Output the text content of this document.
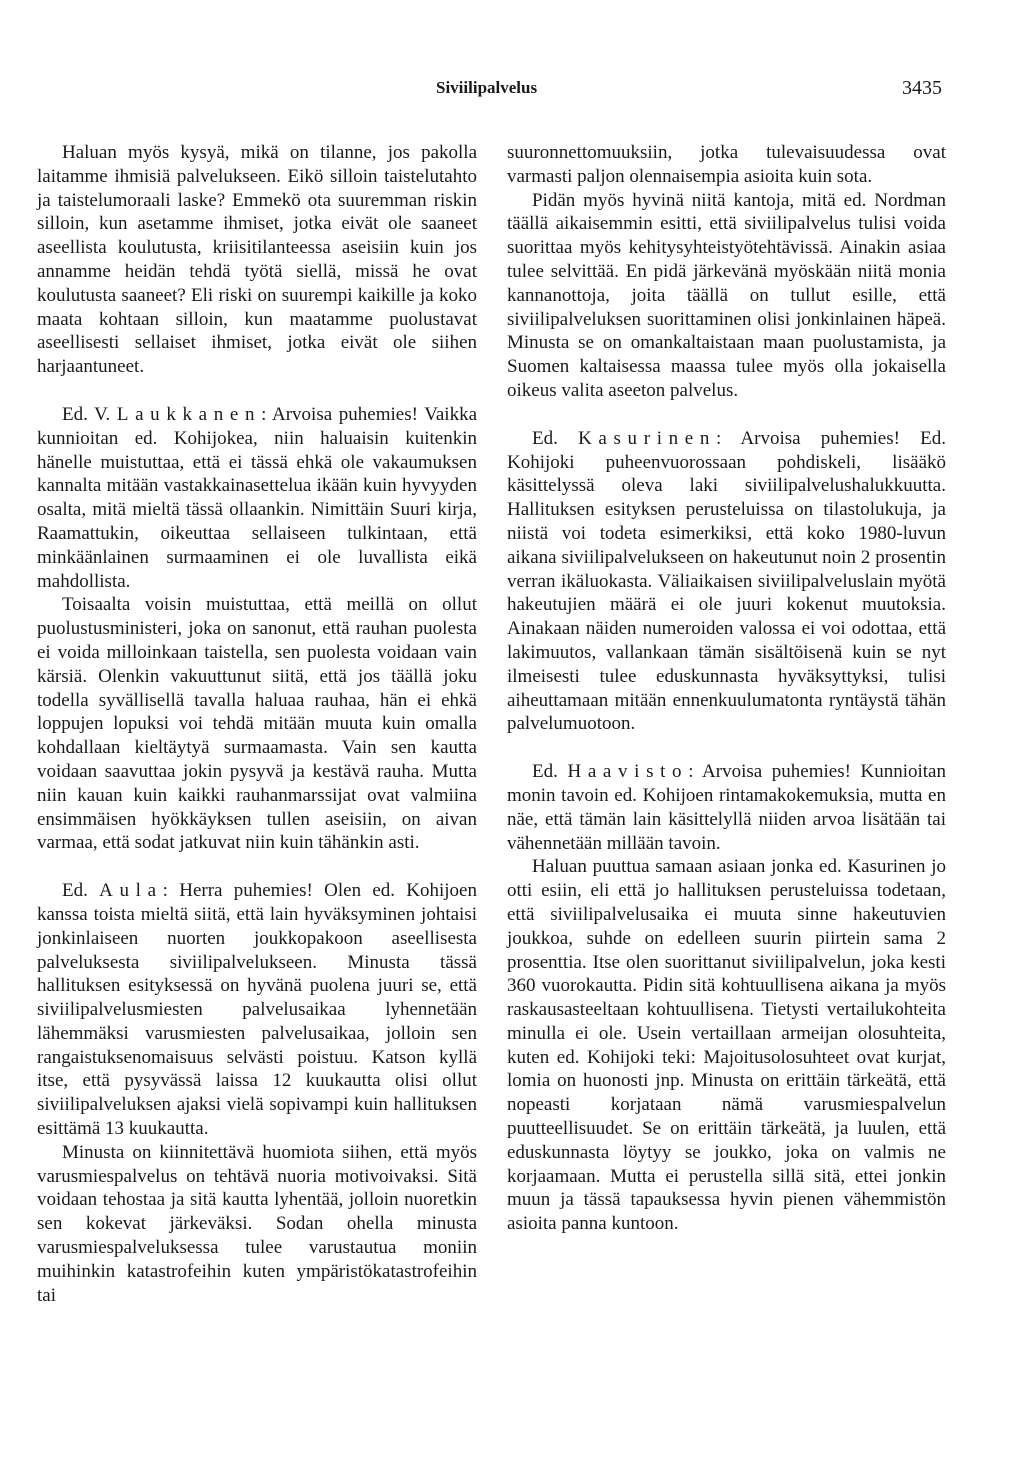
Siviilipalvelus	3435

Haluan myös kysyä, mikä on tilanne, jos pakolla laitamme ihmisiä palvelukseen. Eikö silloin taistelutahto ja taistelumoraali laske? Emmekö ota suuremman riskin silloin, kun asetamme ihmiset, jotka eivät ole saaneet aseellista koulutusta, kriisitilanteessa aseisiin kuin jos annamme heidän tehdä työtä siellä, missä he ovat koulutusta saaneet? Eli riski on suurempi kaikille ja koko maata kohtaan silloin, kun maatamme puolustavat aseellisesti sellaiset ihmiset, jotka eivät ole siihen harjaantuneet.

Ed. V. Laukkanen: Arvoisa puhemies! Vaikka kunnioitan ed. Kohijokea, niin haluaisin kuitenkin hänelle muistuttaa, että ei tässä ehkä ole vakaumuksen kannalta mitään vastakkainasettelua ikään kuin hyvyyden osalta, mitä mieltä tässä ollaankin. Nimittäin Suuri kirja, Raamattukin, oikeuttaa sellaiseen tulkintaan, että minkäänlainen surmaaminen ei ole luvallista eikä mahdollista.

Toisaalta voisin muistuttaa, että meillä on ollut puolustusministeri, joka on sanonut, että rauhan puolesta ei voida milloinkaan taistella, sen puolesta voidaan vain kärsiä. Olenkin vakuuttunut siitä, että jos täällä joku todella syvällisellä tavalla haluaa rauhaa, hän ei ehkä loppujen lopuksi voi tehdä mitään muuta kuin omalla kohdallaan kieltäytyä surmaamasta. Vain sen kautta voidaan saavuttaa jokin pysyvä ja kestävä rauha. Mutta niin kauan kuin kaikki rauhanmarssijat ovat valmiina ensimmäisen hyökkäyksen tullen aseisiin, on aivan varmaa, että sodat jatkuvat niin kuin tähänkin asti.

Ed. Aula: Herra puhemies! Olen ed. Kohijoen kanssa toista mieltä siitä, että lain hyväksyminen johtaisi jonkinlaiseen nuorten joukkopakoon aseellisesta palveluksesta siviilipalvelukseen. Minusta tässä hallituksen esityksessä on hyvänä puolena juuri se, että siviilipalvelusmiesten palvelusaikaa lyhennetään lähemmäksi varusmiesten palvelusaikaa, jolloin sen rangaistuksenomaisuus selvästi poistuu. Katson kyllä itse, että pysyvässä laissa 12 kuukautta olisi ollut siviilipalveluksen ajaksi vielä sopivampi kuin hallituksen esittämä 13 kuukautta.

Minusta on kiinnitettävä huomiota siihen, että myös varusmiespalvelus on tehtävä nuoria motivoivaksi. Sitä voidaan tehostaa ja sitä kautta lyhentää, jolloin nuoretkin sen kokevat järkeväksi. Sodan ohella minusta varusmiespalveluksessa tulee varustautua moniin muihinkin katastrofeihin kuten ympäristökatastrofeihin tai

suuronnettomuuksiin, jotka tulevaisuudessa ovat varmasti paljon olennaisempia asioita kuin sota.

Pidän myös hyvinä niitä kantoja, mitä ed. Nordman täällä aikaisemmin esitti, että siviilipalvelus tulisi voida suorittaa myös kehitysyhteistyötehtävissä. Ainakin asiaa tulee selvittää. En pidä järkevänä myöskään niitä monia kannanottoja, joita täällä on tullut esille, että siviilipalveluksen suorittaminen olisi jonkinlainen häpeä. Minusta se on omankaltaistaan maan puolustamista, ja Suomen kaltaisessa maassa tulee myös olla jokaisella oikeus valita aseeton palvelus.

Ed. Kasurinen: Arvoisa puhemies! Ed. Kohijoki puheenvuorossaan pohdiskeli, lisääkö käsittelyssä oleva laki siviilipalvelushalukkuutta. Hallituksen esityksen perusteluissa on tilastolukuja, ja niistä voi todeta esimerkiksi, että koko 1980-luvun aikana siviilipalvelukseen on hakeutunut noin 2 prosentin verran ikäluokasta. Väliaikaisen siviilipalveluslain myötä hakeutujien määrä ei ole juuri kokenut muutoksia. Ainakaan näiden numeroiden valossa ei voi odottaa, että lakimuutos, vallankaan tämän sisältöisenä kuin se nyt ilmeisesti tulee eduskunnasta hyväksyttyksi, tulisi aiheuttamaan mitään ennenkuulumatonta ryntäystä tähän palvelumuotoon.

Ed. Haavisto: Arvoisa puhemies! Kunnioitan monin tavoin ed. Kohijoen rintamakokemuksia, mutta en näe, että tämän lain käsittelyllä niiden arvoa lisätään tai vähennetään millään tavoin.

Haluan puuttua samaan asiaan jonka ed. Kasurinen jo otti esiin, eli että jo hallituksen perusteluissa todetaan, että siviilipalvelusaika ei muuta sinne hakeutuvien joukkoa, suhde on edelleen suurin piirtein sama 2 prosenttia. Itse olen suorittanut siviilipalvelun, joka kesti 360 vuorokautta. Pidin sitä kohtuullisena aikana ja myös raskausasteeltaan kohtuullisena. Tietysti vertailukohteita minulla ei ole. Usein vertaillaan armeijan olosuhteita, kuten ed. Kohijoki teki: Majoitusolosuhteet ovat kurjat, lomia on huonosti jnp. Minusta on erittäin tärkeätä, että nopeasti korjataan nämä varusmiespalvelun puutteellisuudet. Se on erittäin tärkeätä, ja luulen, että eduskunnasta löytyy se joukko, joka on valmis ne korjaamaan. Mutta ei perustella sillä sitä, ettei jonkin muun ja tässä tapauksessa hyvin pienen vähemmistön asioita panna kuntoon.
